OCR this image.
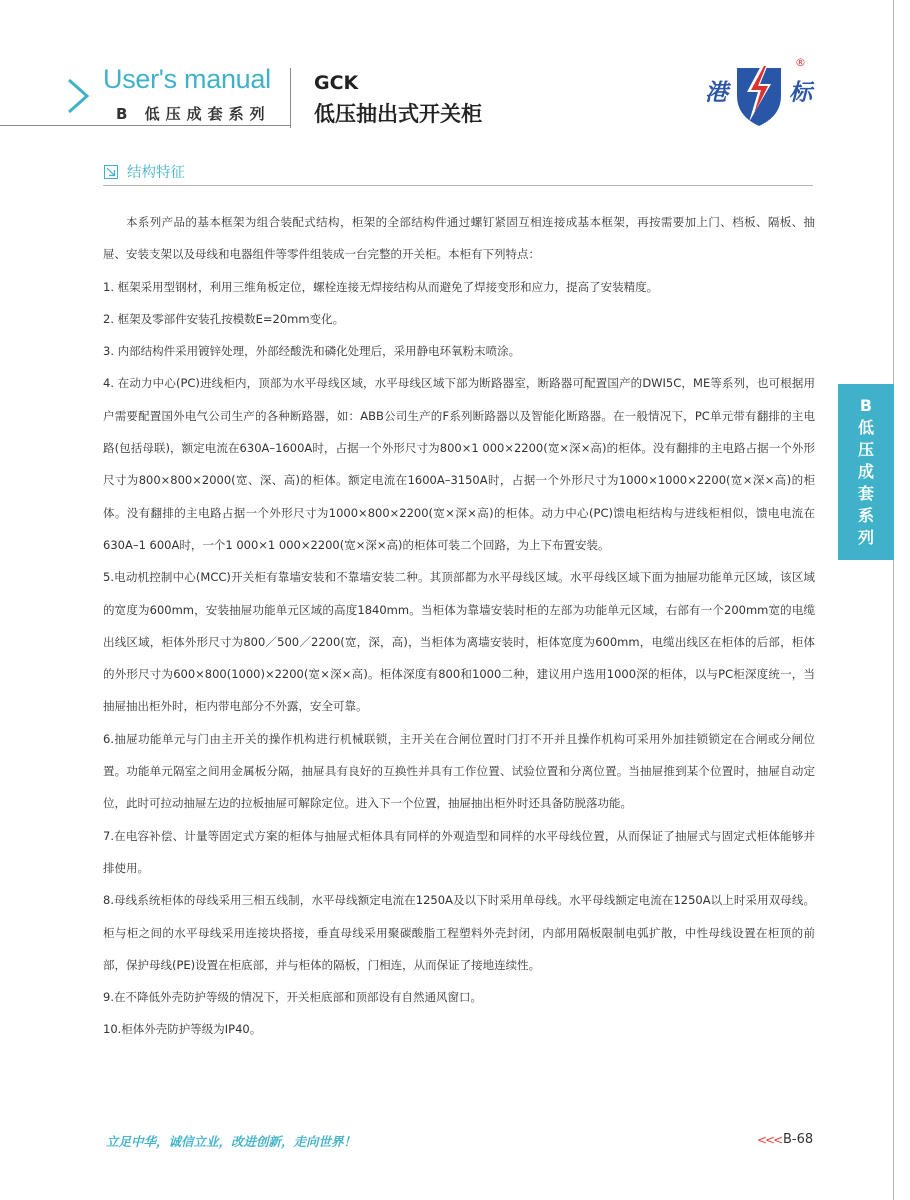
User's manual
B 低压成套系列
GCK
低压抽出式开关柜
港	标
®
结构特征

本系列产品的基本框架为组合装配式结构，柜架的全部结构件通过螺钉紧固互相连接成基本框架，再按需要加上门、档板、隔板、抽屉、安装支架以及母线和电器组件等零件组装成一台完整的开关柜。本柜有下列特点：

1. 框架采用型钢材，利用三维角板定位，螺栓连接无焊接结构从而避免了焊接变形和应力，提高了安装精度。

2. 框架及零部件安装孔按模数E=20mm变化。

3. 内部结构件采用镀锌处理，外部经酸洗和磷化处理后，采用静电环氧粉末喷涂。

4. 在动力中心(PC)进线柜内，顶部为水平母线区域，水平母线区域下部为断路器室，断路器可配置国产的DWI5C，ME等系列，也可根据用户需要配置国外电气公司生产的各种断路器，如：ABB公司生产的F系列断路器以及智能化断路器。在一般情况下，PC单元带有翻排的主电路(包括母联)，额定电流在630A–1600A时，占据一个外形尺寸为800×1 000×2200(宽×深×高)的柜体。没有翻排的主电路占据一个外形尺寸为800×800×2000(宽、深、高)的柜体。额定电流在1600A–3150A时，占据一个外形尺寸为1000×1000×2200(宽×深×高)的柜体。没有翻排的主电路占据一个外形尺寸为1000×800×2200(宽×深×高)的柜体。动力中心(PC)馈电柜结构与进线柜相似，馈电电流在630A–1 600A时，一个1 000×1 000×2200(宽×深×高)的柜体可装二个回路，为上下布置安装。

5.电动机控制中心(MCC)开关柜有靠墙安装和不靠墙安装二种。其顶部都为水平母线区域。水平母线区域下面为抽屉功能单元区域，该区域的宽度为600mm，安装抽屉功能单元区域的高度1840mm。当柜体为靠墙安装时柜的左部为功能单元区域，右部有一个200mm宽的电缆出线区域，柜体外形尺寸为800／500／2200(宽，深，高)，当柜体为离墙安装时，柜体宽度为600mm，电缆出线区在柜体的后部，柜体的外形尺寸为600×800(1000)×2200(宽×深×高)。柜体深度有800和1000二种，建议用户选用1000深的柜体，以与PC柜深度统一，当抽屉抽出柜外时，柜内带电部分不外露，安全可靠。

6.抽屉功能单元与门由主开关的操作机构进行机械联锁，主开关在合闸位置时门打不开并且操作机构可采用外加挂锁锁定在合闸或分闸位置。功能单元隔室之间用金属板分隔，抽屉具有良好的互换性并具有工作位置、试验位置和分离位置。当抽屉推到某个位置时，抽屉自动定位，此时可拉动抽屉左边的拉板抽屉可解除定位。进入下一个位置，抽屉抽出柜外时还具备防脱落功能。

7.在电容补偿、计量等固定式方案的柜体与抽屉式柜体具有同样的外观造型和同样的水平母线位置，从而保证了抽屉式与固定式柜体能够并排使用。

8.母线系统柜体的母线采用三相五线制，水平母线额定电流在1250A及以下时采用单母线。水平母线额定电流在1250A以上时采用双母线。柜与柜之间的水平母线采用连接块搭接，垂直母线采用聚碳酸脂工程塑料外壳封闭，内部用隔板限制电弧扩散，中性母线设置在柜顶的前部，保护母线(PE)设置在柜底部，并与柜体的隔板，门相连，从而保证了接地连续性。

9.在不降低外壳防护等级的情况下，开关柜底部和顶部设有自然通风窗口。

10.柜体外壳防护等级为IP40。

B低压成套系列
立足中华，诚信立业，改进创新，走向世界！	<<< B-68
